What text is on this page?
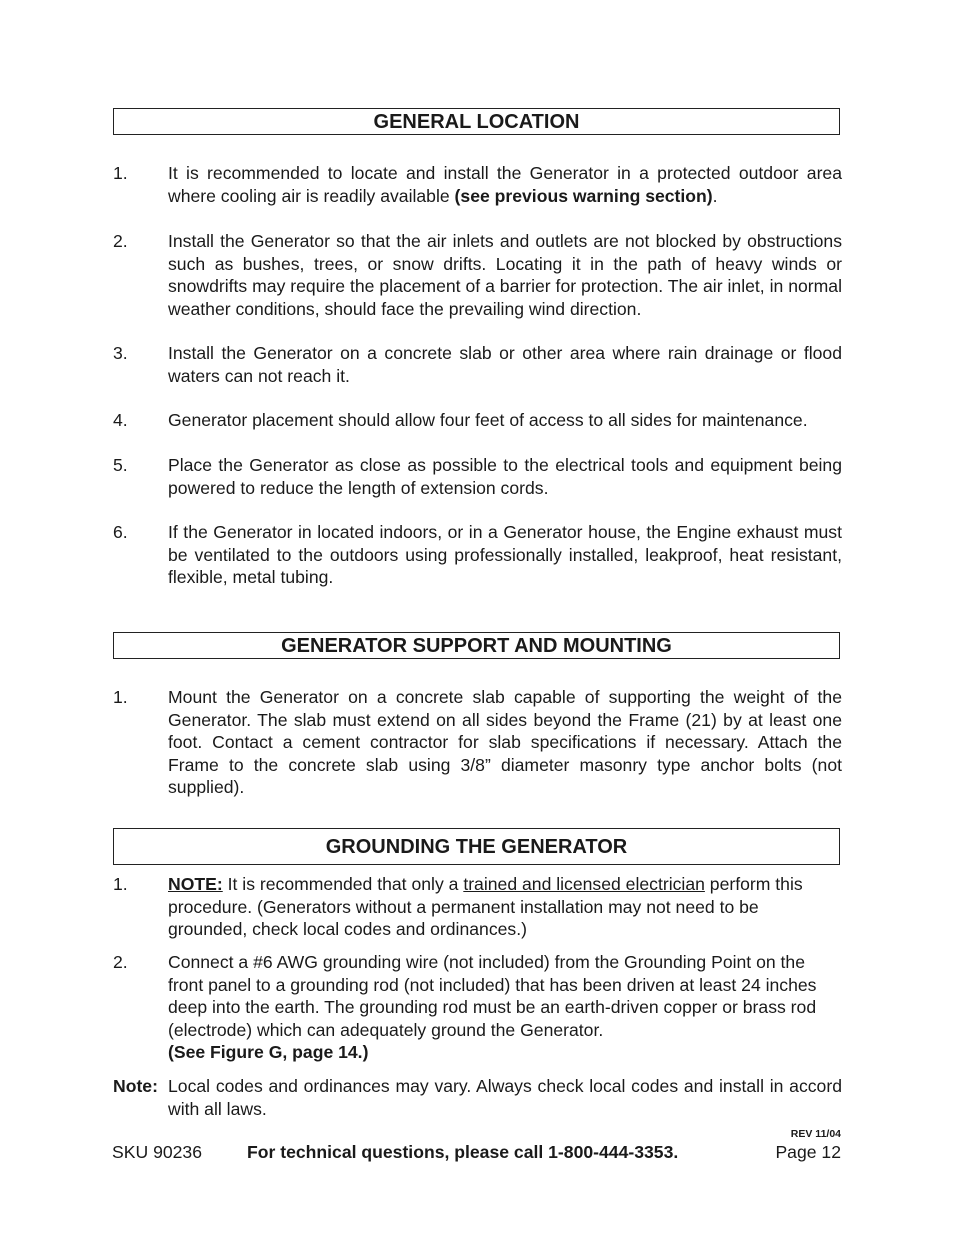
GENERAL LOCATION
1.	It is recommended to locate and install the Generator in a protected outdoor area where cooling air is readily available (see previous warning section).
2.	Install the Generator so that the air inlets and outlets are not blocked by obstructions such as bushes, trees, or snow drifts. Locating it in the path of heavy winds or snowdrifts may require the placement of a barrier for protection. The air inlet, in normal weather conditions, should face the prevailing wind direction.
3.	Install the Generator on a concrete slab or other area where rain drainage or flood waters can not reach it.
4.	Generator placement should allow four feet of access to all sides for maintenance.
5.	Place the Generator as close as possible to the electrical tools and equipment being powered to reduce the length of extension cords.
6.	If the Generator in located indoors, or in a Generator house, the Engine exhaust must be ventilated to the outdoors using professionally installed, leakproof, heat resistant, flexible, metal tubing.
GENERATOR SUPPORT AND MOUNTING
1.	Mount the Generator on a concrete slab capable of supporting the weight of the Generator. The slab must extend on all sides beyond the Frame (21) by at least one foot. Contact a cement contractor for slab specifications if necessary. Attach the Frame to the concrete slab using 3/8” diameter masonry type anchor bolts (not supplied).
GROUNDING THE GENERATOR
1.	NOTE: It is recommended that only a trained and licensed electrician perform this procedure. (Generators without a permanent installation may not need to be grounded, check local codes and ordinances.)
2.	Connect a #6 AWG grounding wire (not included) from the Grounding Point on the front panel to a grounding rod (not included) that has been driven at least 24 inches deep into the earth. The grounding rod must be an earth-driven copper or brass rod (electrode) which can adequately ground the Generator.
(See Figure G, page 14.)
Note: Local codes and ordinances may vary. Always check local codes and install in accord with all laws.
REV 11/04
SKU 90236	For technical questions, please call 1-800-444-3353.	Page 12
